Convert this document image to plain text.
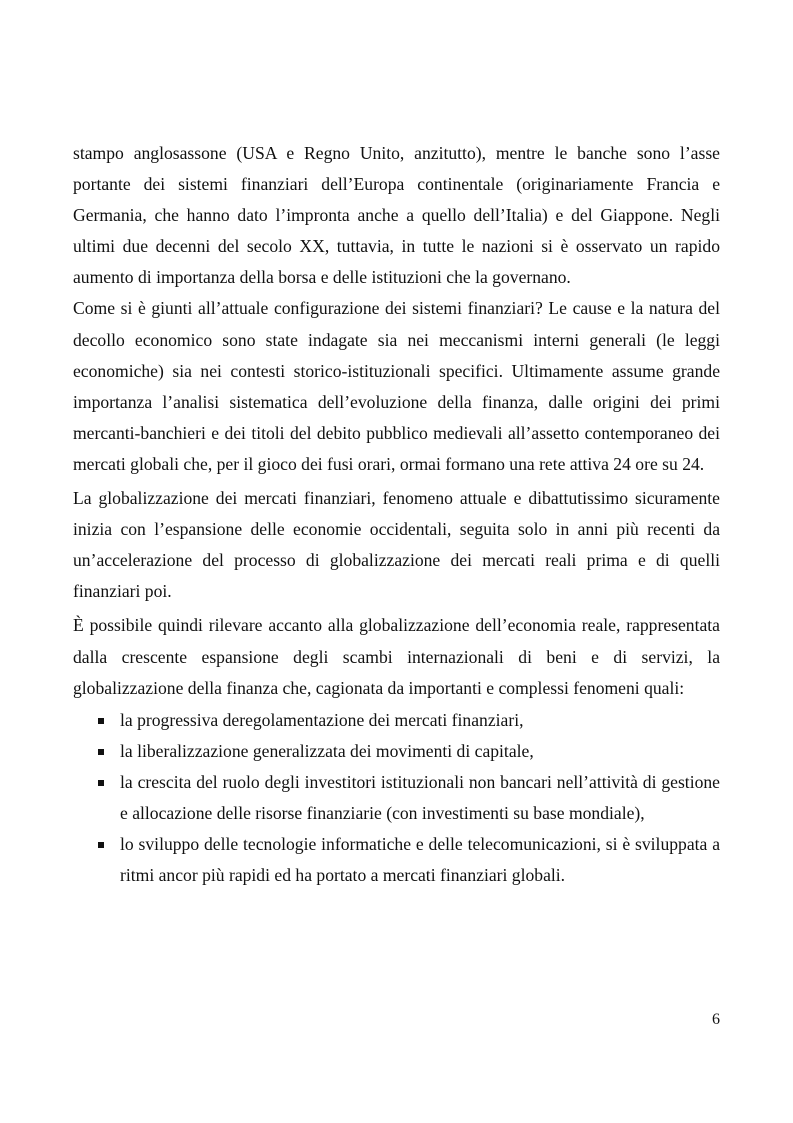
stampo anglosassone (USA e Regno Unito, anzitutto), mentre le banche sono l’asse portante dei sistemi finanziari dell’Europa continentale (originariamente Francia e Germania, che hanno dato l’impronta anche a quello dell’Italia) e del Giappone. Negli ultimi due decenni del secolo XX, tuttavia, in tutte le nazioni si è osservato un rapido aumento di importanza della borsa e delle istituzioni che la governano.

Come si è giunti all’attuale configurazione dei sistemi finanziari? Le cause e la natura del decollo economico sono state indagate sia nei meccanismi interni generali (le leggi economiche) sia nei contesti storico-istituzionali specifici. Ultimamente assume grande importanza l’analisi sistematica dell’evoluzione della finanza, dalle origini dei primi mercanti-banchieri e dei titoli del debito pubblico medievali all’assetto contemporaneo dei mercati globali che, per il gioco dei fusi orari, ormai formano una rete attiva 24 ore su 24.

La globalizzazione dei mercati finanziari, fenomeno attuale e dibattutissimo sicuramente inizia con l’espansione delle economie occidentali, seguita solo in anni più recenti da un’accelerazione del processo di globalizzazione dei mercati reali prima e di quelli finanziari poi.

È possibile quindi rilevare accanto alla globalizzazione dell’economia reale, rappresentata dalla crescente espansione degli scambi internazionali di beni e di servizi, la globalizzazione della finanza che, cagionata da importanti e complessi fenomeni quali:

la progressiva deregolamentazione dei mercati finanziari,
la liberalizzazione generalizzata dei movimenti di capitale,
la crescita del ruolo degli investitori istituzionali non bancari nell’attività di gestione e allocazione delle risorse finanziarie (con investimenti su base mondiale),
lo sviluppo delle tecnologie informatiche e delle telecomunicazioni, si è sviluppata a ritmi ancor più rapidi ed ha portato a mercati finanziari globali.
6
